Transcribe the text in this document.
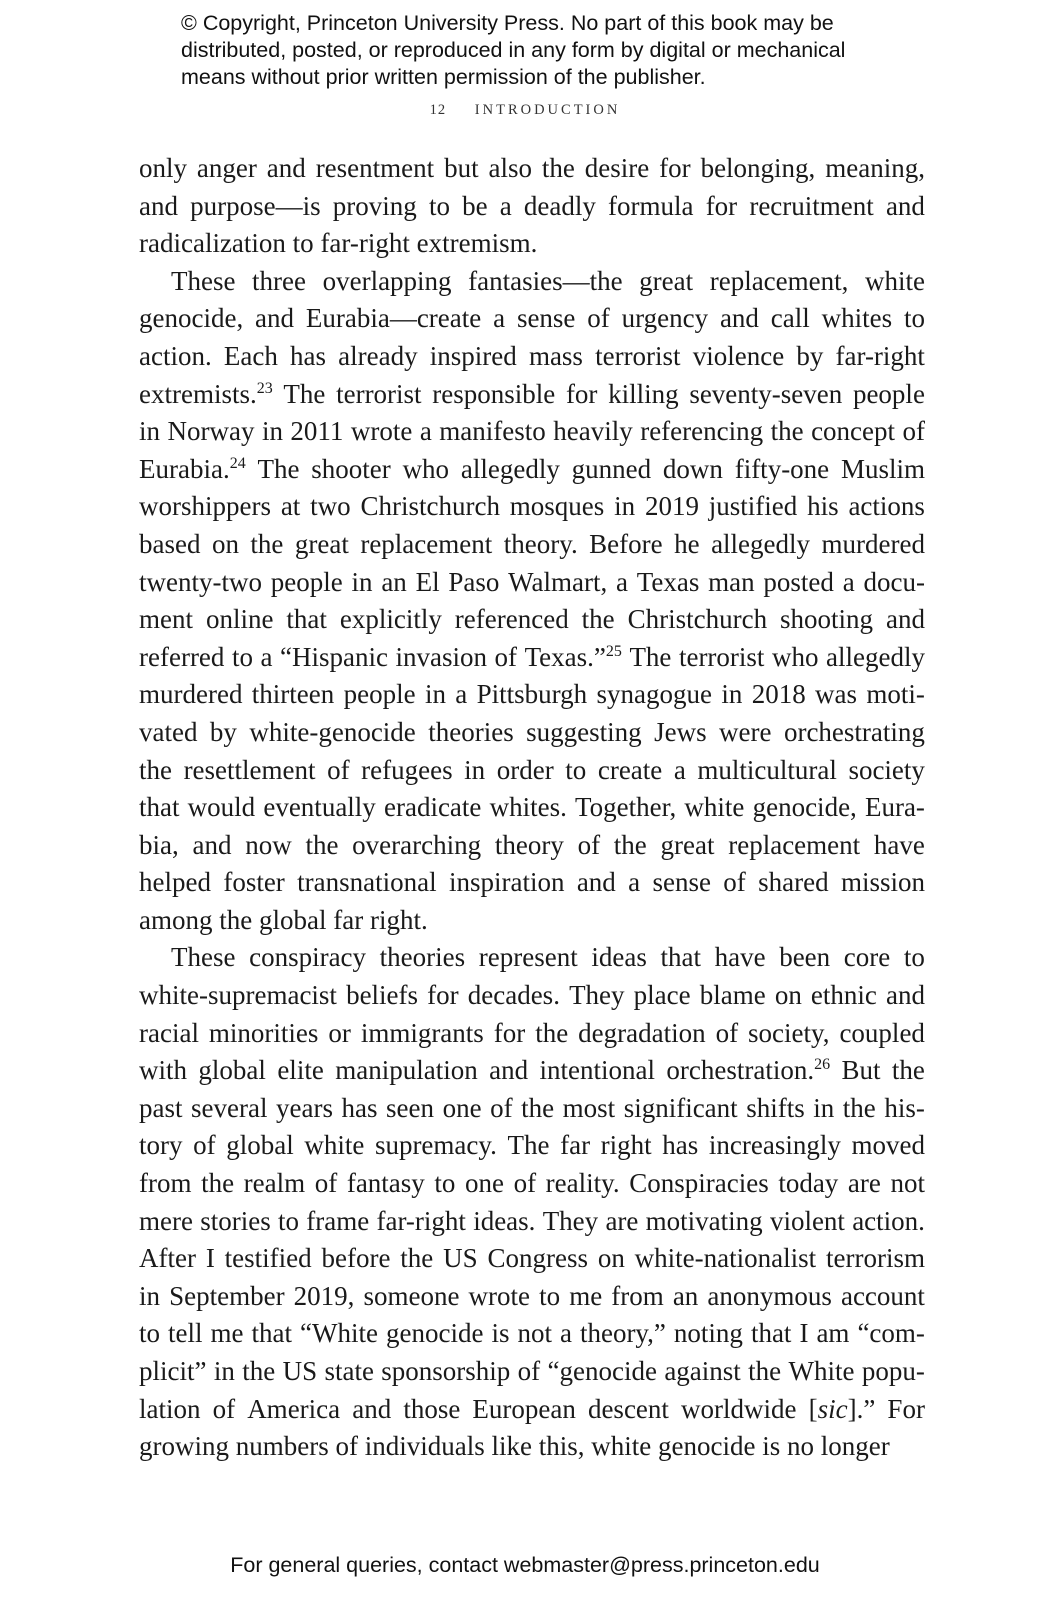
© Copyright, Princeton University Press. No part of this book may be
distributed, posted, or reproduced in any form by digital or mechanical
means without prior written permission of the publisher.
12 INTRODUCTION
only anger and resentment but also the desire for belonging, meaning,
and purpose—is proving to be a deadly formula for recruitment and
radicalization to far-right extremism.
These three overlapping fantasies—the great replacement, white
genocide, and Eurabia—create a sense of urgency and call whites to
action. Each has already inspired mass terrorist violence by far-right
extremists.$^{23}$ The terrorist responsible for killing seventy-seven people
in Norway in 2011 wrote a manifesto heavily referencing the concept of
Eurabia.$^{24}$ The shooter who allegedly gunned down fifty-one Muslim
worshippers at two Christchurch mosques in 2019 justified his actions
based on the great replacement theory. Before he allegedly murdered
twenty-two people in an El Paso Walmart, a Texas man posted a docu-
ment online that explicitly referenced the Christchurch shooting and
referred to a “Hispanic invasion of Texas.”$^{25}$ The terrorist who allegedly
murdered thirteen people in a Pittsburgh synagogue in 2018 was moti-
vated by white-genocide theories suggesting Jews were orchestrating
the resettlement of refugees in order to create a multicultural society
that would eventually eradicate whites. Together, white genocide, Eura-
bia, and now the overarching theory of the great replacement have
helped foster transnational inspiration and a sense of shared mission
among the global far right.
These conspiracy theories represent ideas that have been core to
white-supremacist beliefs for decades. They place blame on ethnic and
racial minorities or immigrants for the degradation of society, coupled
with global elite manipulation and intentional orchestration.$^{26}$ But the
past several years has seen one of the most significant shifts in the his-
tory of global white supremacy. The far right has increasingly moved
from the realm of fantasy to one of reality. Conspiracies today are not
mere stories to frame far-right ideas. They are motivating violent action.
After I testified before the US Congress on white-nationalist terrorism
in September 2019, someone wrote to me from an anonymous account
to tell me that “White genocide is not a theory,” noting that I am “com-
plicit” in the US state sponsorship of “genocide against the White popu-
lation of America and those European descent worldwide [sic].” For
growing numbers of individuals like this, white genocide is no longer
For general queries, contact webmaster@press.princeton.edu
